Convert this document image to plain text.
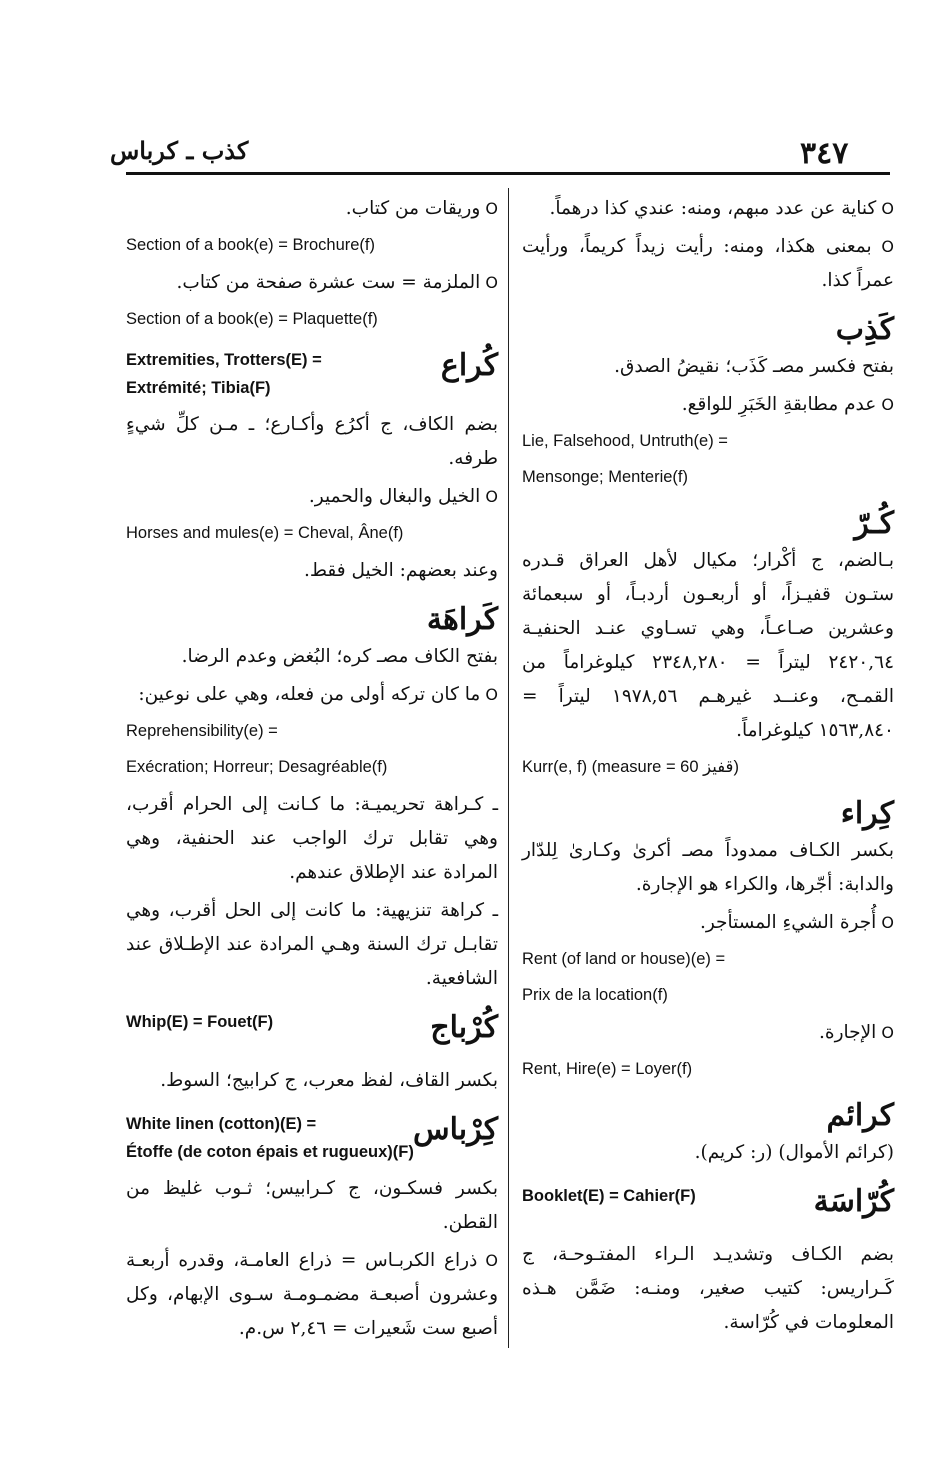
٣٤٧
كذب ـ كرباس

O كناية عن عدد مبهم، ومنه: عندي كذا درهماً.

O بمعنى هكذا، ومنه: رأيت زيداً كريماً، ورأيت عمراً كذا.

كَذِب

بفتح فكسر مصـ كَذَب؛ نقيضُ الصدق.

O عدم مطابقةِ الخَبَرِ للواقع.

Lie, Falsehood, Untruth(e) =

Mensonge; Menterie(f)

كُـرّ

بـالضم، ج أكْرار؛ مكيال لأهل العراق قـدره ستـون قفيـزاً، أو أربعـون أردبـاً، أو سبعمائة وعشرين صـاعـاً، وهي تسـاوي عنـد الحنفيـة ٢٤٢٠,٦٤ ليتراً = ٢٣٤٨,٢٨٠ كيلوغراماً من القمـح، وعنــد غيرهـم ١٩٧٨,٥٦ ليتراً = ١٥٦٣,٨٤٠ كيلوغراماً.

Kurr(e, f) (measure = 60 قفيز)

كِراء

بكسر الكـاف ممدوداً مصـ أكرىٰ وكـارىٰ لِلدّار والدابة: أجّرها، والكراء هو الإجارة.

O أُجرة الشيءِ المستأجر.

Rent (of land or house)(e) =

Prix de la location(f)

O الإجارة.

Rent, Hire(e) = Loyer(f)

كرائم

(كرائم الأموال) (ر: كريم).

كُرّاسَة

Booklet(E) = Cahier(F)

بضم الكـاف وتشديـد الـراء المفتـوحـة، ج كَـراريس: كتيب صغير، ومنـه: ضَمَّن هـذه المعلومات في كُرّاسة.

O وريقات من كتاب.

Section of a book(e) = Brochure(f)

O الملزمة = ست عشرة صفحة من كتاب.

Section of a book(e) = Plaquette(f)

كُراع

Extremities, Trotters(E) =
Extrémité; Tibia(F)

بضم الكاف، ج أكرُع وأكـارع؛ ـ مـن كلِّ شيءٍ طرفه.

O الخيل والبغال والحمير.

Horses and mules(e) = Cheval, Âne(f)

وعند بعضهم: الخيل فقط.

كَراهَة

بفتح الكاف مصـ كره؛ البُغض وعدم الرضا.

O ما كان تركه أولى من فعله، وهي على نوعين:

Reprehensibility(e) =

Exécration; Horreur; Desagréable(f)

ـ كـراهة تحريميـة: ما كـانت إلى الحرام أقرب، وهي تقابل ترك الواجب عند الحنفية، وهي المرادة عند الإطلاق عندهم.

ـ كراهة تنزيهية: ما كانت إلى الحل أقرب، وهي تقابـل ترك السنة وهـي المرادة عند الإطـلاق عند الشافعية.

كُرْباج

Whip(E) = Fouet(F)

بكسر القاف، لفظ معرب، ج كرابيج؛ السوط.

كِرْباس

White linen (cotton)(E) =
Étoffe (de coton épais et rugueux)(F)

بكسر فسكـون، ج كـرابيس؛ ثـوب غليظ من القطن.

O ذراع الكربـاس = ذراع العامـة، وقدره أربعـة وعشرون أصبعـة مضمـومـة سـوى الإبهام، وكل أصبع ست شَعيرات = ٢,٤٦ س.م.
